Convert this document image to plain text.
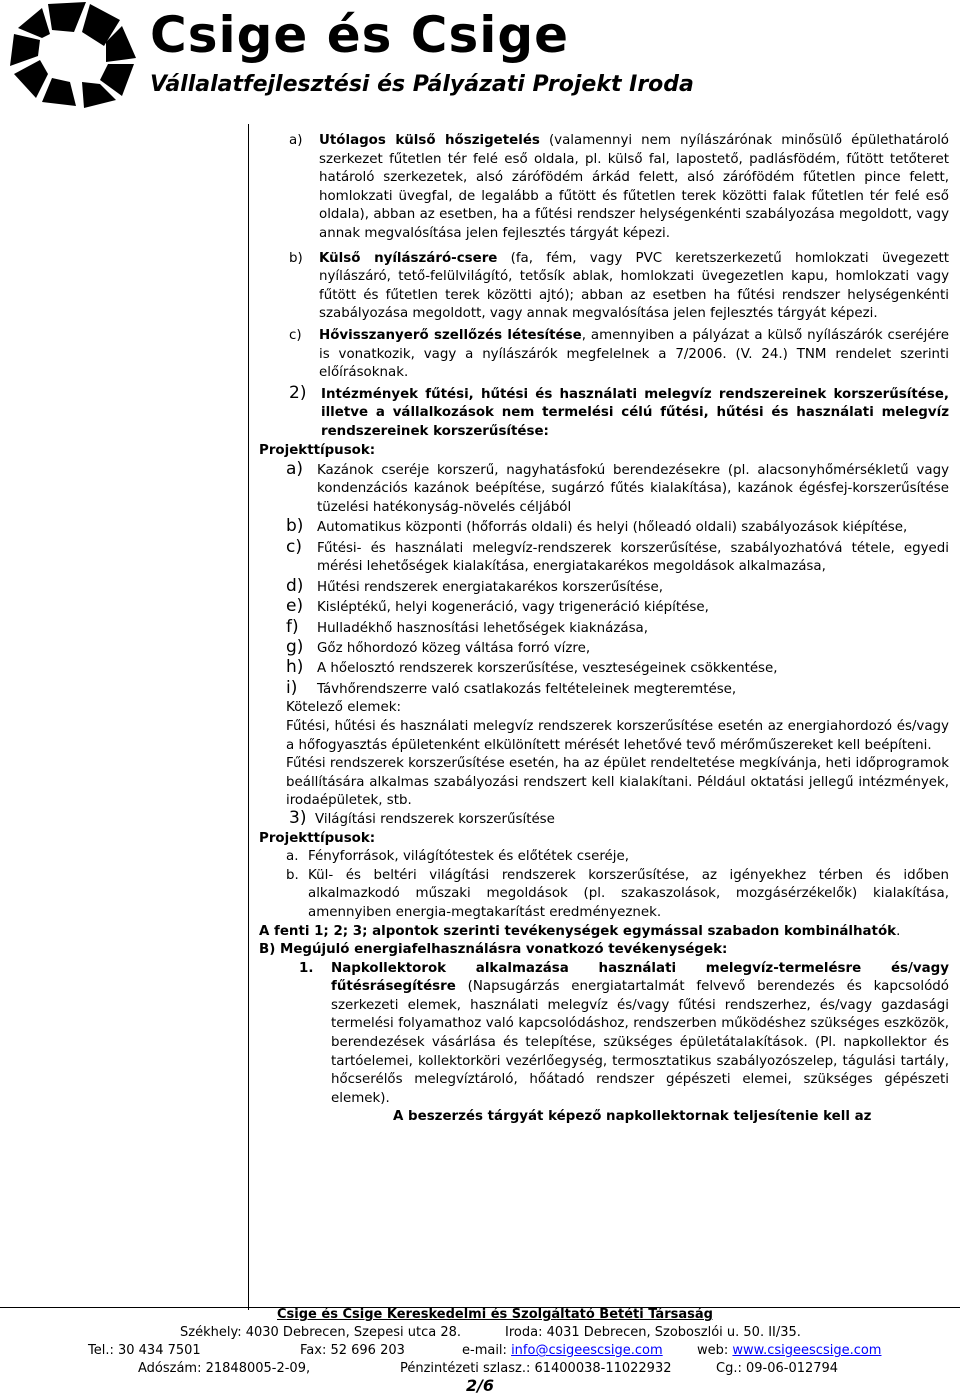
Csige és Csige
Vállalatfejlesztési és Pályázati Projekt Iroda

a) Utólagos külső hőszigetelés (valamennyi nem nyílászárónak minősülő épülethatároló szerkezet fűtetlen tér felé eső oldala, pl. külső fal, lapostető, padlásfödém, fűtött tetőteret határoló szerkezetek, alsó zárófödém árkád felett, alsó zárófödém fűtetlen pince felett, homlokzati üvegfal, de legalább a fűtött és fűtetlen terek közötti falak fűtetlen tér felé eső oldala), abban az esetben, ha a fűtési rendszer helységenkénti szabályozása megoldott, vagy annak megvalósítása jelen fejlesztés tárgyát képezi.

b) Külső nyílászáró-csere (fa, fém, vagy PVC keretszerkezetű homlokzati üvegezett nyílászáró, tető-felülvilágító, tetősík ablak, homlokzati üvegezetlen kapu, homlokzati vagy fűtött és fűtetlen terek közötti ajtó); abban az esetben ha fűtési rendszer helységenkénti szabályozása megoldott, vagy annak megvalósítása jelen fejlesztés tárgyát képezi.

c) Hővisszanyerő szellőzés létesítése, amennyiben a pályázat a külső nyílászárók cseréjére is vonatkozik, vagy a nyílászárók megfelelnek a 7/2006. (V. 24.) TNM rendelet szerinti előírásoknak.

2) Intézmények fűtési, hűtési és használati melegvíz rendszereinek korszerűsítése, illetve a vállalkozások nem termelési célú fűtési, hűtési és használati melegvíz rendszereinek korszerűsítése:

Projekttípusok:

a) Kazánok cseréje korszerű, nagyhatásfokú berendezésekre (pl. alacsonyhőmérsékletű vagy kondenzációs kazánok beépítése, sugárzó fűtés kialakítása), kazánok égésfej-korszerűsítése tüzelési hatékonyság-növelés céljából

b) Automatikus központi (hőforrás oldali) és helyi (hőleadó oldali) szabályozások kiépítése,

c) Fűtési- és használati melegvíz-rendszerek korszerűsítése, szabályozhatóvá tétele, egyedi mérési lehetőségek kialakítása, energiatakarékos megoldások alkalmazása,

d) Hűtési rendszerek energiatakarékos korszerűsítése,

e) Kisléptékű, helyi kogeneráció, vagy trigeneráció kiépítése,

f) Hulladékhő hasznosítási lehetőségek kiaknázása,

g) Gőz hőhordozó közeg váltása forró vízre,

h) A hőelosztó rendszerek korszerűsítése, veszteségeinek csökkentése,

i) Távhőrendszerre való csatlakozás feltételeinek megteremtése,

Kötelező elemek:

Fűtési, hűtési és használati melegvíz rendszerek korszerűsítése esetén az energiahordozó és/vagy a hőfogyasztás épületenként elkülönített mérését lehetővé tevő mérőműszereket kell beépíteni.

Fűtési rendszerek korszerűsítése esetén, ha az épület rendeltetése megkívánja, heti időprogramok beállítására alkalmas szabályozási rendszert kell kialakítani. Például oktatási jellegű intézmények, irodaépületek, stb.

3) Világítási rendszerek korszerűsítése

Projekttípusok:

a. Fényforrások, világítótestek és előtétek cseréje,

b. Kül- és beltéri világítási rendszerek korszerűsítése, az igényekhez térben és időben alkalmazkodó műszaki megoldások (pl. szakaszolások, mozgásérzékelők) kialakítása, amennyiben energia-megtakarítást eredményeznek.

A fenti 1; 2; 3; alpontok szerinti tevékenységek egymással szabadon kombinálhatók.

B) Megújuló energiafelhasználásra vonatkozó tevékenységek:

1. Napkollektorok alkalmazása használati melegvíz-termelésre és/vagy fűtésrásegítésre (Napsugárzás energiatartalmát felvevő berendezés és kapcsolódó szerkezeti elemek, használati melegvíz és/vagy fűtési rendszerhez, és/vagy gazdasági termelési folyamathoz való kapcsolódáshoz, rendszerben működéshez szükséges eszközök, berendezések vásárlása és telepítése, szükséges épületátalakítások. (Pl. napkollektor és tartóelemei, kollektorköri vezérlőegység, termosztatikus szabályozószelep, tágulási tartály, hőcserélős melegvíztároló, hőátadó rendszer gépészeti elemei, szükséges gépészeti elemek).
A beszerzés tárgyát képező napkollektornak teljesítenie kell az

Csige és Csige Kereskedelmi és Szolgáltató Betéti Társaság
Székhely: 4030 Debrecen, Szepesi utca 28.	Iroda: 4031 Debrecen, Szoboszlói u. 50. II/35.
Tel.: 30 434 7501	Fax: 52 696 203	e-mail: info@csigeescsige.com	web: www.csigeescsige.com
Adószám: 21848005-2-09,	Pénzintézeti szlasz.: 61400038-11022932	Cg.: 09-06-012794
2/6
